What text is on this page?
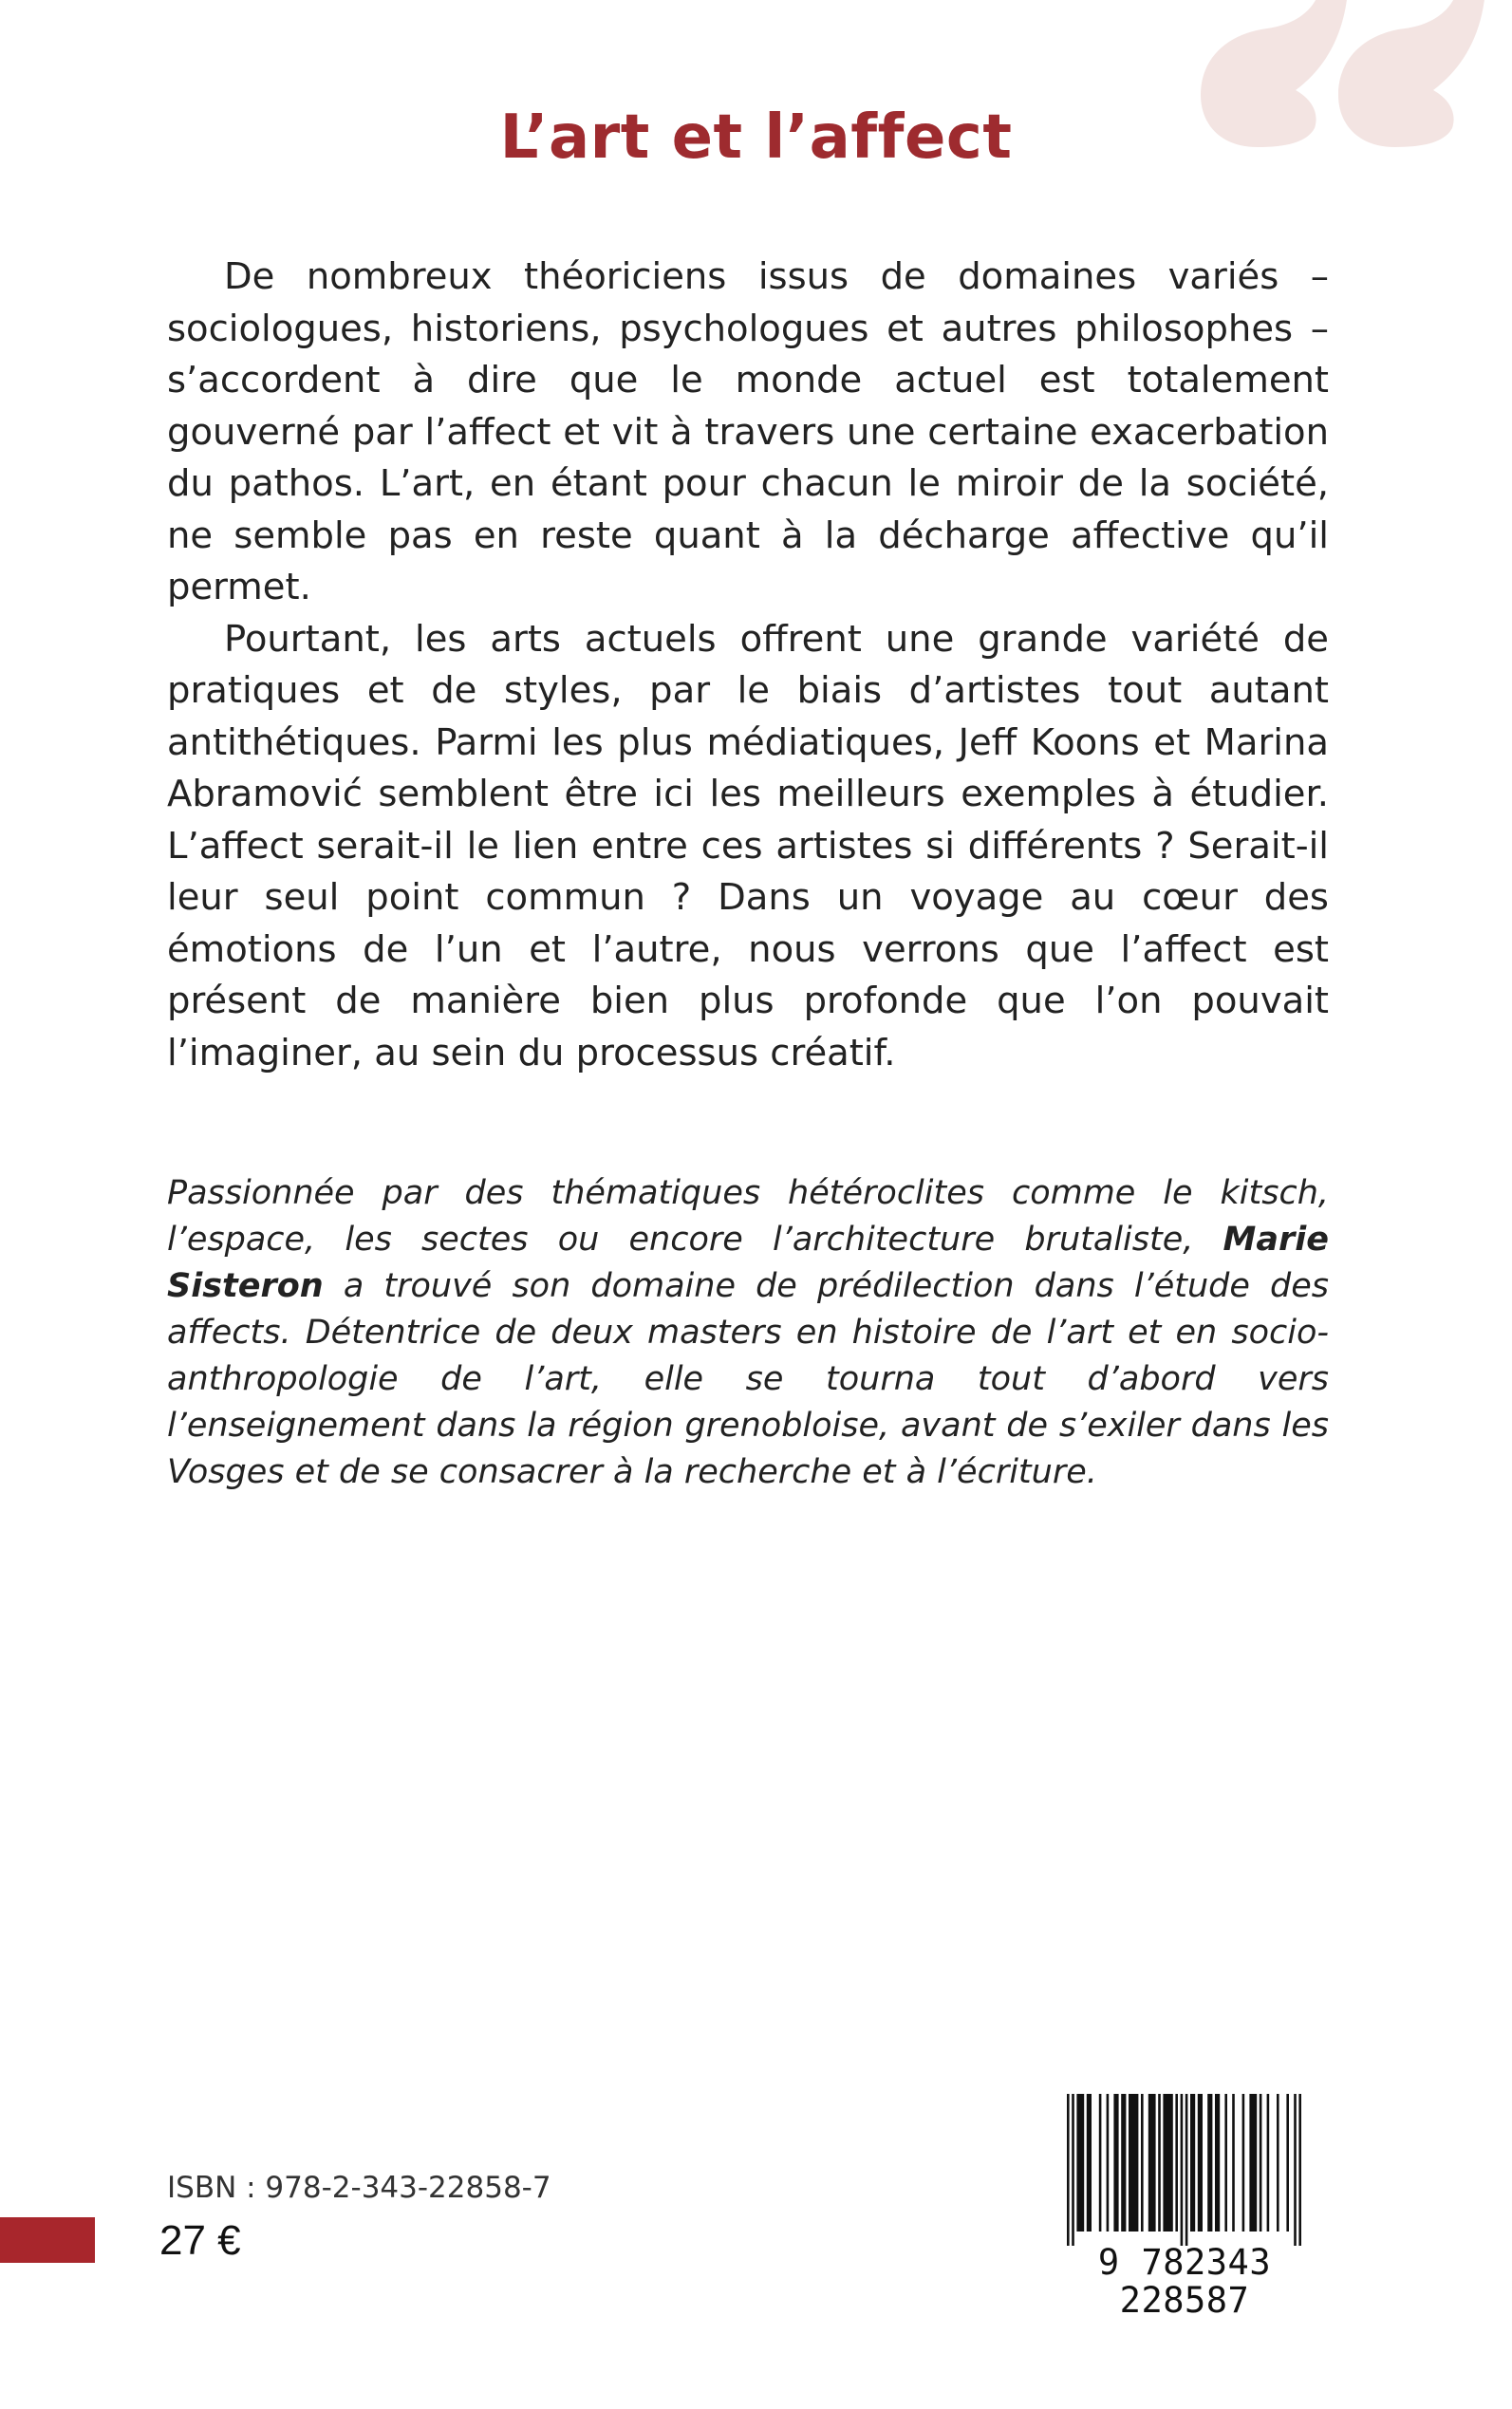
L’art et l’affect

De nombreux théoriciens issus de domaines variés – sociologues, historiens, psychologues et autres philosophes – s’accordent à dire que le monde actuel est totalement gouverné par l’affect et vit à travers une certaine exacerbation du pathos. L’art, en étant pour chacun le miroir de la société, ne semble pas en reste quant à la décharge affective qu’il permet.

Pourtant, les arts actuels offrent une grande variété de pratiques et de styles, par le biais d’artistes tout autant antithétiques. Parmi les plus médiatiques, Jeff Koons et Marina Abramović semblent être ici les meilleurs exemples à étudier. L’affect serait-il le lien entre ces artistes si différents ? Serait-il leur seul point commun ? Dans un voyage au cœur des émotions de l’un et l’autre, nous verrons que l’affect est présent de manière bien plus profonde que l’on pouvait l’imaginer, au sein du processus créatif.

Passionnée par des thématiques hétéroclites comme le kitsch, l’espace, les sectes ou encore l’architecture brutaliste, Marie Sisteron a trouvé son domaine de prédilection dans l’étude des affects. Détentrice de deux masters en histoire de l’art et en socio-anthropologie de l’art, elle se tourna tout d’abord vers l’enseignement dans la région grenobloise, avant de s’exiler dans les Vosges et de se consacrer à la recherche et à l’écriture.

ISBN : 978-2-343-22858-7
27 €	9 782343 228587
